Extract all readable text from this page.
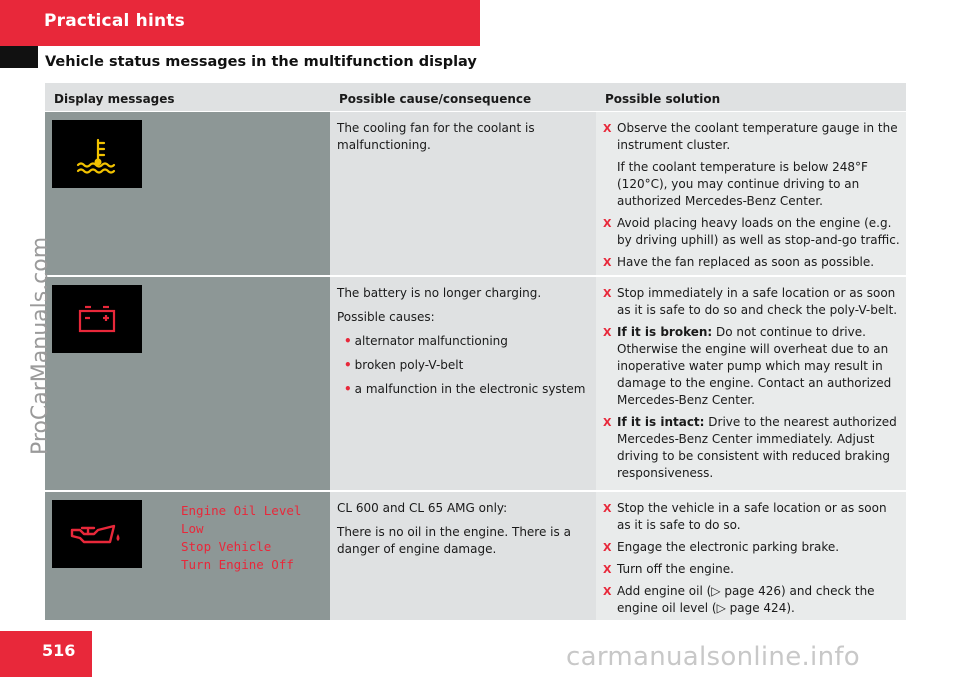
Practical hints
Vehicle status messages in the multifunction display
Display messages	Possible cause/consequence	Possible solution

The cooling fan for the coolant is malfunctioning.

X Observe the coolant temperature gauge in the instrument cluster.
If the coolant temperature is below 248°F (120°C), you may continue driving to an authorized Mercedes-Benz Center.
X Avoid placing heavy loads on the engine (e.g. by driving uphill) as well as stop-and-go traffic.
X Have the fan replaced as soon as possible.

The battery is no longer charging.

Possible causes:

• alternator malfunctioning
• broken poly-V-belt
• a malfunction in the electronic system
X Stop immediately in a safe location or as soon as it is safe to do so and check the poly-V-belt.
X If it is broken: Do not continue to drive. Otherwise the engine will overheat due to an inoperative water pump which may result in damage to the engine. Contact an authorized Mercedes-Benz Center.
X If it is intact: Drive to the nearest authorized Mercedes-Benz Center immediately. Adjust driving to be consistent with reduced braking responsiveness.
Engine Oil Level
Low
Stop Vehicle
Turn Engine Off

CL 600 and CL 65 AMG only:

There is no oil in the engine. There is a danger of engine damage.

X Stop the vehicle in a safe location or as soon as it is safe to do so.
X Engage the electronic parking brake.
X Turn off the engine.
X Add engine oil (▷ page 426) and check the engine oil level (▷ page 424).
516
ProCarManuals.com
carmanualsonline.info
